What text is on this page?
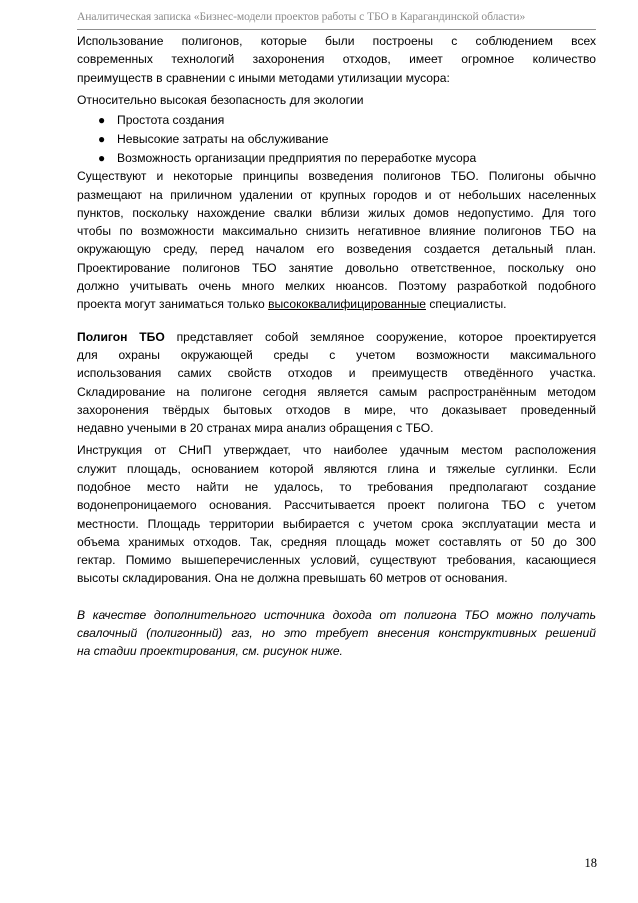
Аналитическая записка «Бизнес-модели проектов работы с ТБО в Карагандинской области»

Использование полигонов, которые были построены с соблюдением всех
современных технологий захоронения отходов, имеет огромное количество
преимуществ в сравнении с иными методами утилизации мусора:

Относительно высокая безопасность для экологии

● Простота создания
● Невысокие затраты на обслуживание
● Возможность организации предприятия по переработке мусора

Существуют и некоторые принципы возведения полигонов ТБО. Полигоны обычно
размещают на приличном удалении от крупных городов и от небольших населенных
пунктов, поскольку нахождение свалки вблизи жилых домов недопустимо. Для того
чтобы по возможности максимально снизить негативное влияние полигонов ТБО на
окружающую среду, перед началом его возведения создается детальный план.
Проектирование полигонов ТБО занятие довольно ответственное, поскольку оно
должно учитывать очень много мелких нюансов. Поэтому разработкой подобного
проекта могут заниматься только высококвалифицированные специалисты.

Полигон ТБО представляет собой земляное сооружение, которое проектируется
для охраны окружающей среды с учетом возможности максимального
использования самих свойств отходов и преимуществ отведённого участка.
Складирование на полигоне сегодня является самым распространённым методом
захоронения твёрдых бытовых отходов в мире, что доказывает проведенный
недавно учеными в 20 странах мира анализ обращения с ТБО.

Инструкция от СНиП утверждает, что наиболее удачным местом расположения
служит площадь, основанием которой являются глина и тяжелые суглинки. Если
подобное место найти не удалось, то требования предполагают создание
водонепроницаемого основания. Рассчитывается проект полигона ТБО с учетом
местности. Площадь территории выбирается с учетом срока эксплуатации места и
объема хранимых отходов. Так, средняя площадь может составлять от 50 до 300
гектар. Помимо вышеперечисленных условий, существуют требования, касающиеся
высоты складирования. Она не должна превышать 60 метров от основания.

В качестве дополнительного источника дохода от полигона ТБО можно получать
свалочный (полигонный) газ, но это требует внесения конструктивных решений
на стадии проектирования, см. рисунок ниже.

18
